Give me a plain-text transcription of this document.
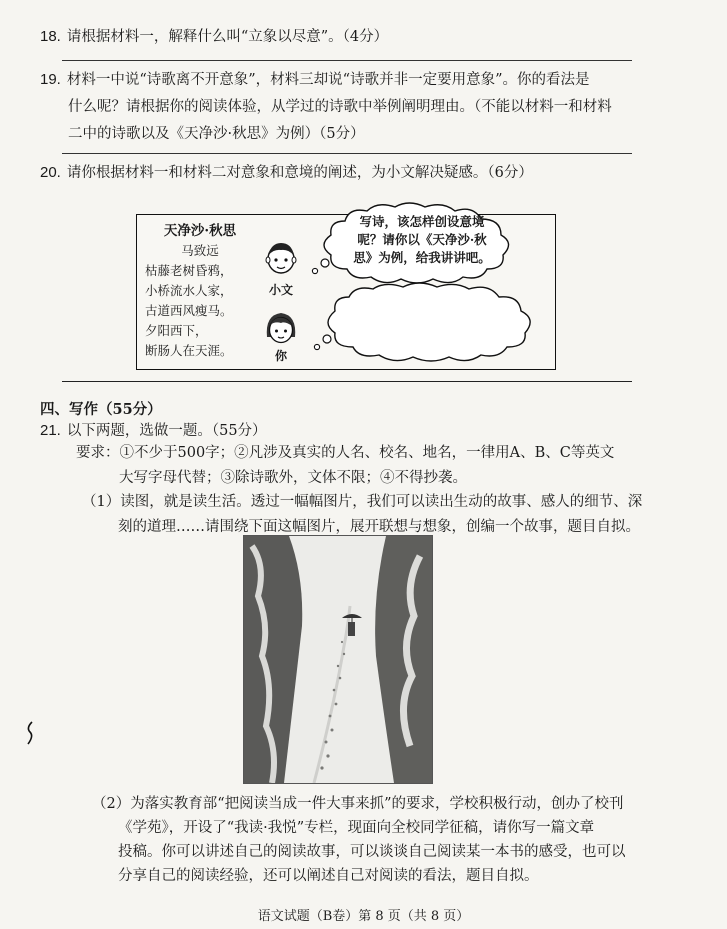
18. 请根据材料一，解释什么叫“立象以尽意”。（4分）
19. 材料一中说“诗歌离不开意象”，材料三却说“诗歌并非一定要用意象”。你的看法是
什么呢？请根据你的阅读体验，从学过的诗歌中举例阐明理由。（不能以材料一和材料
二中的诗歌以及《天净沙·秋思》为例）（5分）
20. 请你根据材料一和材料二对意象和意境的阐述，为小文解决疑感。（6分）
天净沙·秋思
马致远
枯藤老树昏鸦，
小桥流水人家，
古道西风瘦马。
夕阳西下，
断肠人在天涯。
小文
你
写诗，该怎样创设意境
呢？请你以《天净沙·秋
思》为例，给我讲讲吧。
四、写作（55分）
21. 以下两题，选做一题。（55分）
要求：①不少于500字；②凡涉及真实的人名、校名、地名，一律用A、B、C等英文
大写字母代替；③除诗歌外，文体不限；④不得抄袭。
（1）读图，就是读生活。透过一幅幅图片，我们可以读出生动的故事、感人的细节、深
刻的道理……请围绕下面这幅图片，展开联想与想象，创编一个故事，题目自拟。
（2）为落实教育部“把阅读当成一件大事来抓”的要求，学校积极行动，创办了校刊
《学苑》，开设了“我读·我悦”专栏，现面向全校同学征稿，请你写一篇文章
投稿。你可以讲述自己的阅读故事，可以谈谈自己阅读某一本书的感受，也可以
分享自己的阅读经验，还可以阐述自己对阅读的看法，题目自拟。
语文试题（B卷）第 8 页（共 8 页）
